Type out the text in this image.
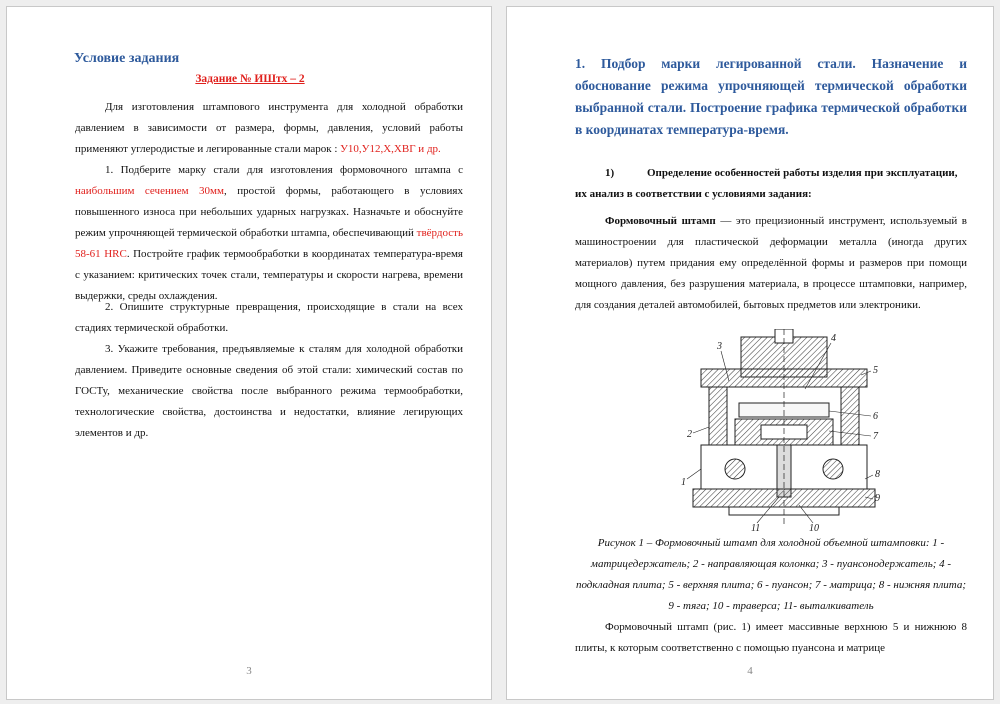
Условие задания

Задание № ИШтх – 2

Для изготовления штампового инструмента для холодной обработки давлением в зависимости от размера, формы, давления, условий работы применяют углеродистые и легированные стали марок : У10,У12,Х,ХВГ и др.

1. Подберите марку стали для изготовления формовочного штампа с наибольшим сечением 30мм, простой формы, работающего в условиях повышенного износа при небольших ударных нагрузках. Назначьте и обоснуйте режим упрочняющей термической обработки штампа, обеспечивающий твёрдость 58-61 HRC. Постройте график термообработки в координатах температура-время с указанием: критических точек стали, температуры и скорости нагрева, времени выдержки, среды охлаждения.

2. Опишите структурные превращения, происходящие в стали на всех стадиях термической обработки.

3. Укажите требования, предъявляемые к сталям для холодной обработки давлением. Приведите основные сведения об этой стали: химический состав по ГОСТу, механические свойства после выбранного режима термообработки, технологические свойства, достоинства и недостатки, влияние легирующих элементов и др.

3
1. Подбор марки легированной стали. Назначение и обоснование режима упрочняющей термической обработки выбранной стали. Построение графика термической обработки в координатах температура-время.

1)	Определение особенностей работы изделия при эксплуатации, их анализ в соответствии с условиями задания:

Формовочный штамп — это прецизионный инструмент, используемый в машиностроении для пластической деформации металла (иногда других материалов) путем придания ему определённой формы и размеров при помощи мощного давления, без разрушения материала, в процессе штамповки, например, для создания деталей автомобилей, бытовых предметов или электроники.

1
2
3
4
5
6
7
8
9
10
11

Рисунок 1 – Формовочный штамп для холодной объемной штамповки: 1 - матрицедержатель; 2 - направляющая колонка; 3 - пуансонодержатель; 4 - подкладная плита; 5 - верхняя плита; 6 - пуансон; 7 - матрица; 8 - нижняя плита; 9 - тяга; 10 - траверса; 11- выталкиватель

Формовочный штамп (рис. 1) имеет массивные верхнюю 5 и нижнюю 8 плиты, к которым соответственно с помощью пуансона и матрице

4
